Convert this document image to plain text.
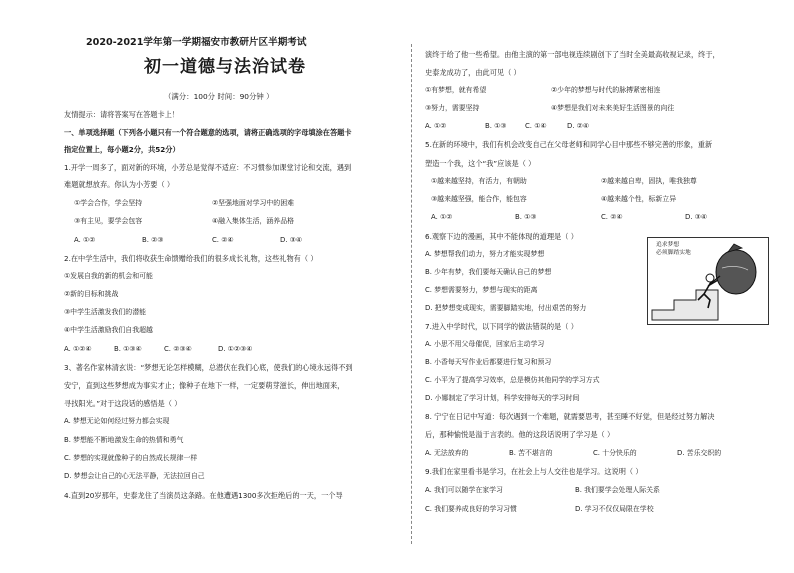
2020-2021学年第一学期福安市教研片区半期考试
初一道德与法治试卷
（满分：100分 时间：90分钟 ）
友情提示：请将答案写在答题卡上！
一、单项选择题（下列各小题只有一个符合题意的选项，请将正确选项的字母填涂在答题卡
指定位置上，每小题2分，共52分）
1.开学一周多了，面对新的环境，小芳总是觉得不适应：不习惯参加课堂讨论和交流，遇到
难题就想放弃。你认为小芳要（ ）
①学会合作，学会坚持	②坚强地面对学习中的困难
③有主见，要学会包容	④融入集体生活，涵养品格
A. ①②	B. ②③	C. ②④	D. ③④
2.在中学生活中，我们将收获生命馈赠给我们的很多成长礼物，这些礼物有（ ）
①发展自我的新的机会和可能
②新的目标和挑战
③中学生活激发我们的潜能
④中学生活激励我们自我超越
A. ①②④	B. ①③④	C. ②③④	D. ①②③④
3、著名作家林清玄说：“梦想无论怎样模糊，总潜伏在我们心底，使我们的心境永远得不到
安宁，直到这些梦想成为事实才止；像种子在地下一样，一定要萌芽滋长，伸出地面来，
寻找阳光。”对于这段话的感悟是（ ）
A. 梦想无论如何经过努力都会实现
B. 梦想能不断地激发生命的热情和勇气
C. 梦想的实现就像种子的自然成长规律一样
D. 梦想会让自己的心无法平静，无法拉回自己
4.直到20岁那年，史泰龙住了当演员这条路。在他遭遇1300多次拒绝后的一天，一个导
演终于给了他一些希望。由他主演的第一部电视连续剧创下了当时全美最高收视记录，终于，
史泰龙成功了，由此可见（ ）
①有梦想，就有希望	②少年的梦想与时代的脉搏紧密相连
③努力，需要坚持	④梦想是我们对未来美好生活图景的向往
A. ①②	B. ①③	C. ①④	D. ②④
5.在新的环境中，我们有机会改变自己在父母老师和同学心目中那些不够完善的形象，重新
塑造一个我，这个“我”应该是（ ）
①越来越坚持，有活力，有朝助	②越来越自卑，固执，唯我独尊
③越来越坚强，能合作，能包容	④越来越个性，标新立异
A. ①②	B. ①③	C. ②④	D. ③④
6.观察下边的漫画，其中不能体现的道理是（ ）
A. 梦想帮我们动力，努力才能实现梦想
B. 少年有梦，我们要每天确认自己的梦想
C. 梦想需要努力，梦想与现实的距离
D. 把梦想变成现实，需要脚踏实地，付出艰苦的努力
7.进入中学时代，以下同学的做法错误的是（ ）
A. 小思不用父母催促，回家后主动学习
B. 小香每天写作业后都要进行复习和预习
C. 小平为了提高学习效率，总是模仿其他同学的学习方式
D. 小娜制定了学习计划，科学安排每天的学习时间
8. 宁宁在日记中写道：每次遇到一个难题，就需要思考，甚至睡不好觉，但是经过努力解决
后，那种愉悦是溢于言表的。他的这段话说明了学习是（ ）
A. 无法放弃的	B. 苦不堪言的	C. 十分快乐的	D. 苦乐交织的
9.我们在家里看书是学习，在社会上与人交往也是学习。这说明（ ）
A. 我们可以随学在家学习	B. 我们要学会处理人际关系
C. 我们要养成良好的学习习惯	D. 学习不仅仅局限在学校
追求梦想
必须脚踏实地
